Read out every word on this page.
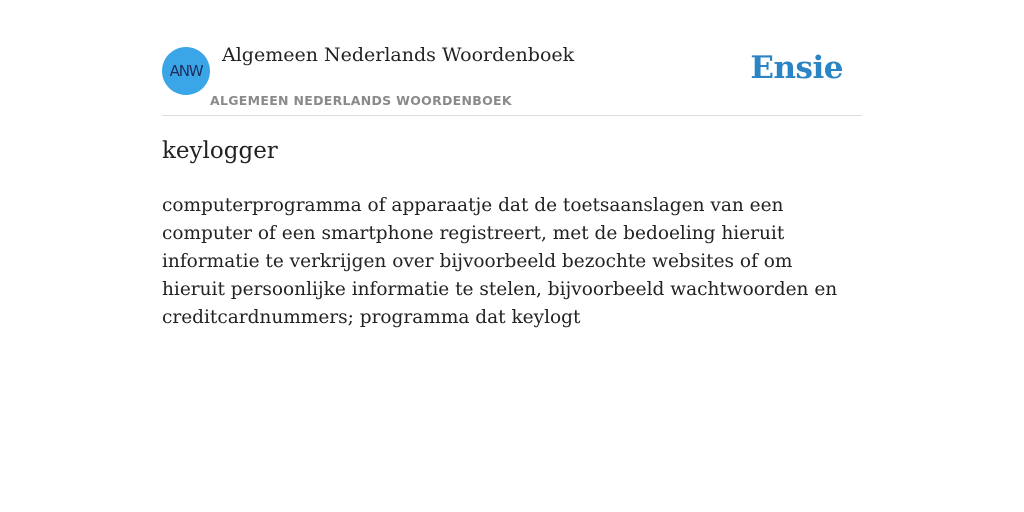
ANW
Algemeen Nederlands Woordenboek
ALGEMEEN NEDERLANDS WOORDENBOEK
Ensie
keylogger

computerprogramma of apparaatje dat de toetsaanslagen van een computer of een smartphone registreert, met de bedoeling hieruit informatie te verkrijgen over bijvoorbeeld bezochte websites of om hieruit persoonlijke informatie te stelen, bijvoorbeeld wachtwoorden en creditcardnummers; programma dat keylogt
